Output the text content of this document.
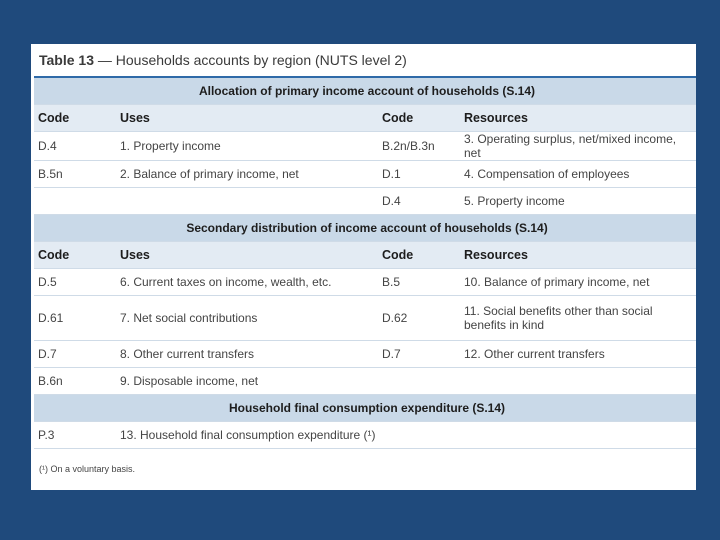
Table 13 — Households accounts by region (NUTS level 2)
Allocation of primary income account of households (S.14)			
Code	Uses	Code	Resources
D.4	1. Property income	B.2n/B.3n	3. Operating surplus, net/mixed income, net
B.5n	2. Balance of primary income, net	D.1	4. Compensation of employees
		D.4	5. Property income
Secondary distribution of income account of households (S.14)			
Code	Uses	Code	Resources
D.5	6. Current taxes on income, wealth, etc.	B.5	10. Balance of primary income, net
D.61	7. Net social contributions	D.62	11. Social benefits other than social benefits in kind
D.7	8. Other current transfers	D.7	12. Other current transfers
B.6n	9. Disposable income, net		
Household final consumption expenditure (S.14)			
P.3	13. Household final consumption expenditure (¹)		
(¹) On a voluntary basis.
